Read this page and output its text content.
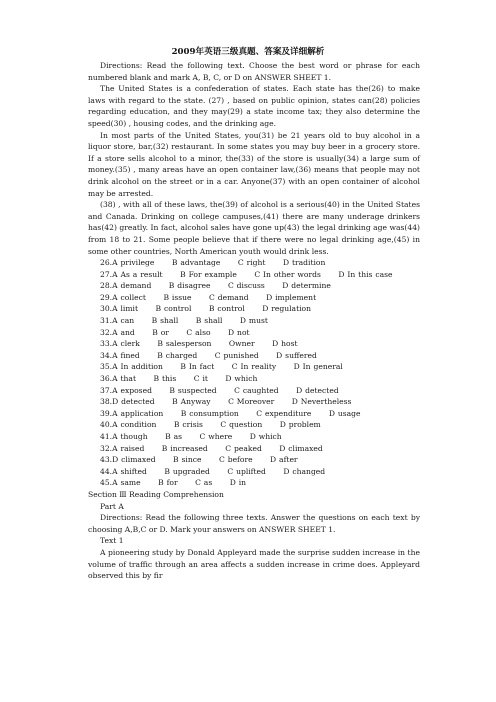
2009年英语三级真题、答案及详细解析

Directions: Read the following text. Choose the best word or phrase for each numbered blank and mark A, B, C, or D on ANSWER SHEET 1.

The United States is a confederation of states. Each state has the(26) to make laws with regard to the state. (27) , based on public opinion, states can(28) policies regarding education, and they may(29) a state income tax; they also determine the speed(30) , housing codes, and the drinking age.

In most parts of the United States, you(31) be 21 years old to buy alcohol in a liquor store, bar,(32) restaurant. In some states you may buy beer in a grocery store. If a store sells alcohol to a minor, the(33) of the store is usually(34) a large sum of money.(35) , many areas have an open container law,(36) means that people may not drink alcohol on the street or in a car. Anyone(37) with an open container of alcohol may be arrested.

(38) , with all of these laws, the(39) of alcohol is a serious(40) in the United States and Canada. Drinking on college campuses,(41) there are many underage drinkers has(42) greatly. In fact, alcohol sales have gone up(43) the legal drinking age was(44) from 18 to 21. Some people believe that if there were no legal drinking age,(45) in some other countries, North American youth would drink less.

26.A privilege      B advantage      C right      D tradition

27.A As a result      B For example      C In other words      D In this case

28.A demand      B disagree      C discuss      D determine

29.A collect      B issue      C demand      D implement

30.A limit      B control      B control      D regulation

31.A can      B shall      B shall      D must

32.A and      B or      C also      D not

33.A clerk      B salesperson      Owner      D host

34.A fined      B charged      C punished      D suffered

35.A In addition      B In fact      C In reality      D In general

36.A that      B this      C it      D which

37.A exposed      B suspected      C caughted      D detected

38.D detected      B Anyway      C Moreover      D Nevertheless

39.A application      B consumption      C expenditure      D usage

40.A condition      B crisis      C question      D problem

41.A though      B as      C where      D which

32.A raised      B increased      C peaked      D climaxed

43.D climaxed      B since      C before      D after

44.A shifted      B upgraded      C uplifted      D changed

45.A same      B for      C as      D in

Section Ⅲ Reading Comprehension

Part A

Directions: Read the following three texts. Answer the questions on each text by choosing A,B,C or D. Mark your answers on ANSWER SHEET 1.

Text 1

A pioneering study by Donald Appleyard made the surprise sudden increase in the volume of traffic through an area affects a sudden increase in crime does. Appleyard observed this by fir
